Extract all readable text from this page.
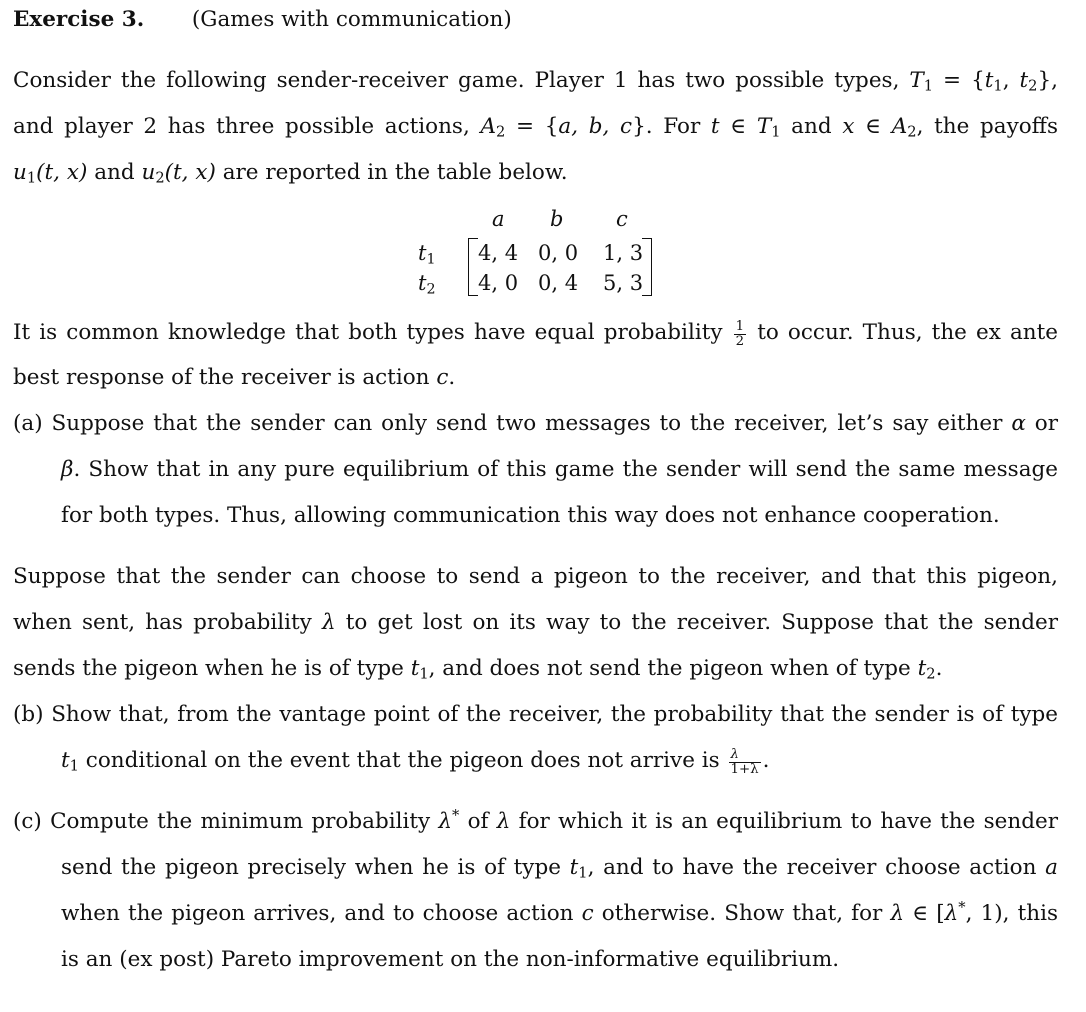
Exercise 3. (Games with communication)
Consider the following sender-receiver game. Player 1 has two possible types, $T_1 = \{t_1$, $t_2$},
and player 2 has three possible actions, $A_2 = \{a$, b, c}. For t ∈ $T_1$ and x ∈ $A_2$, the payoffs
$u_1(t$, x) and $u_2(t$, x) are reported in the table below.
a b	c
$t_1$
$t_2$
4, 4 0, 0 1, 3
4, 0 0, 4 5, 3
It is common knowledge that both types have equal probability $\frac{1}{2}$ to occur. Thus, the ex ante
best response of the receiver is action c.
(a) Suppose that the sender can only send two messages to the receiver, let’s say either α or
β. Show that in any pure equilibrium of this game the sender will send the same message
for both types. Thus, allowing communication this way does not enhance cooperation.
Suppose that the sender can choose to send a pigeon to the receiver, and that this pigeon,
when sent, has probability λ to get lost on its way to the receiver. Suppose that the sender
sends the pigeon when he is of type $t_1$, and does not send the pigeon when of type $t_2$.
(b) Show that, from the vantage point of the receiver, the probability that the sender is of type
$t_1$ conditional on the event that the pigeon does not arrive is $\frac{\lambda}{1+\lambda}$ .
(c) Compute the minimum probability λ* of λ for which it is an equilibrium to have the sender
send the pigeon precisely when he is of type $t_1$, and to have the receiver choose action a
when the pigeon arrives, and to choose action c otherwise. Show that, for λ ∈ [λ*, 1), this
is an (ex post) Pareto improvement on the non-informative equilibrium.
